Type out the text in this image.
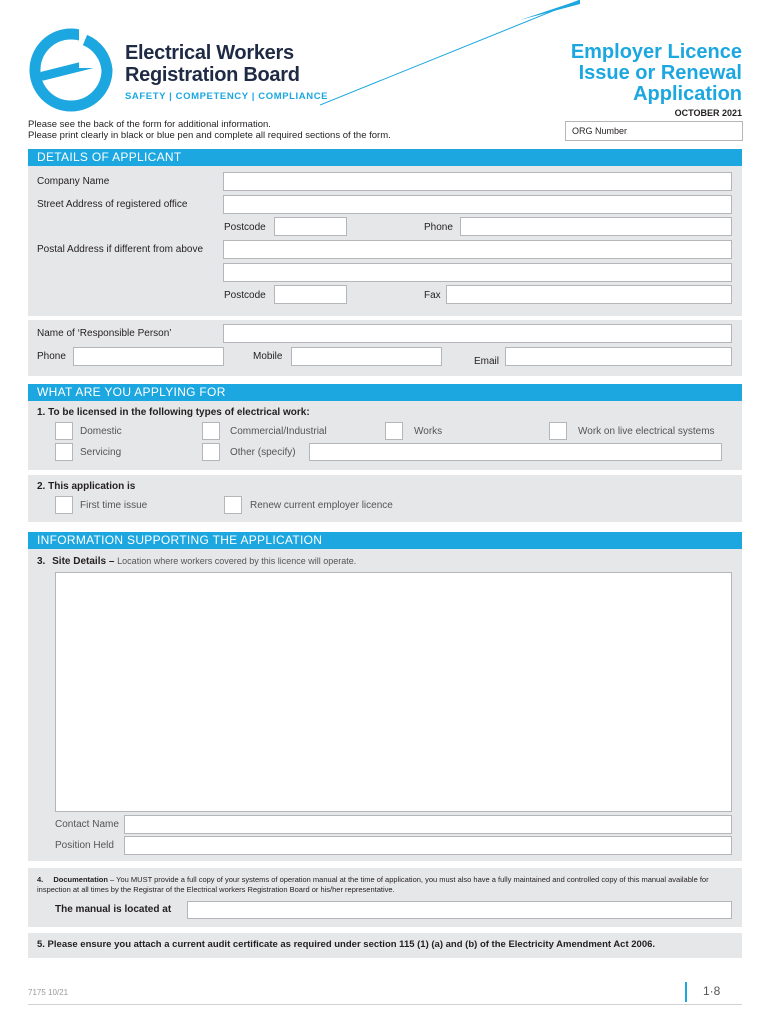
Electrical Workers
Registration Board
SAFETY | COMPETENCY | COMPLIANCE
Employer Licence
Issue or Renewal
Application
OCTOBER 2021
Please see the back of the form for additional information.
Please print clearly in black or blue pen and complete all required sections of the form.	ORG Number
DETAILS OF APPLICANT
Company Name
Street Address of registered office
Postcode	Phone
Postal Address if different from above
Postcode	Fax
Name of ‘Responsible Person’
Phone	Mobile	Email
WHAT ARE YOU APPLYING FOR
1. To be licensed in the following types of electrical work:
Domestic	Commercial/Industrial	Works	Work on live electrical systems
Servicing	Other (specify)
2. This application is
First time issue	Renew current employer licence
INFORMATION SUPPORTING THE APPLICATION
3. Site Details – Location where workers covered by this licence will operate.
Contact Name
Position Held
4. Documentation – You MUST provide a full copy of your systems of operation manual at the time of application, you must also have a fully maintained and controlled copy of this manual available for inspection at all times by the Registrar of the Electrical workers Registration Board or his/her representative.
The manual is located at
5. Please ensure you attach a current audit certificate as required under section 115 (1) (a) and (b) of the Electricity Amendment Act 2006.
7175 10/21	1·8
